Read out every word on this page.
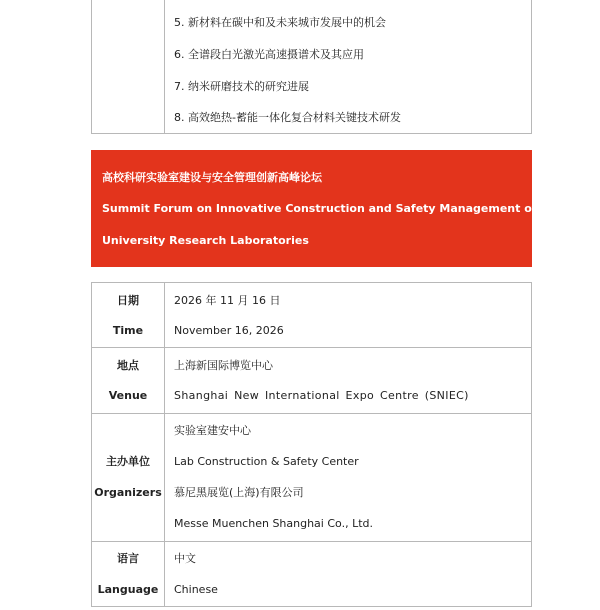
5. 新材料在碳中和及未来城市发展中的机会
6. 全谱段白光激光高速摄谱术及其应用
7. 纳米研磨技术的研究进展
8. 高效绝热-蓄能一体化复合材料关键技术研发
高校科研实验室建设与安全管理创新高峰论坛
Summit Forum on Innovative Construction and Safety Management of
University Research Laboratories
日期
Time
2026 年 11 月 16 日
November 16, 2026
地点
Venue
上海新国际博览中心
Shanghai New International Expo Centre (SNIEC)
主办单位
Organizers
实验室建安中心
Lab Construction & Safety Center
慕尼黑展览(上海)有限公司
Messe Muenchen Shanghai Co., Ltd.
语言
Language
中文
Chinese
